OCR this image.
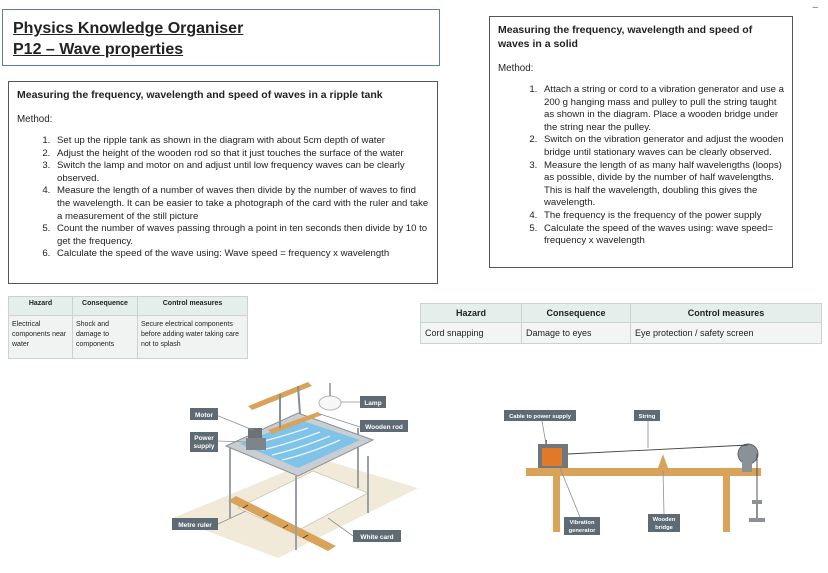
–
Physics Knowledge Organiser
P12 – Wave properties
Measuring the frequency, wavelength and speed of waves in a ripple tank
Method:
1. Set up the ripple tank as shown in the diagram with about 5cm depth of water
2. Adjust the height of the wooden rod so that it just touches the surface of the water
3. Switch the lamp and motor on and adjust until low frequency waves can be clearly observed.
4. Measure the length of a number of waves then divide by the number of waves to find the wavelength. It can be easier to take a photograph of the card with the ruler and take a measurement of the still picture
5. Count the number of waves passing through a point in ten seconds then divide by 10 to get the frequency.
6. Calculate the speed of the wave using: Wave speed = frequency x wavelength
Measuring the frequency, wavelength and speed of waves in a solid
Method:
1. Attach a string or cord to a vibration generator and use a 200 g hanging mass and pulley to pull the string taught as shown in the diagram. Place a wooden bridge under the string near the pulley.
2. Switch on the vibration generator and adjust the wooden bridge until stationary waves can be clearly observed.
3. Measure the length of as many half wavelengths (loops) as possible, divide by the number of half wavelengths. This is half the wavelength, doubling this gives the wavelength.
4. The frequency is the frequency of the power supply
5. Calculate the speed of the waves using: wave speed= frequency x wavelength
Hazard	Consequence	Control measures
Electrical components near water	Shock and damage to components	Secure electrical components before adding water taking care not to splash
Hazard	Consequence	Control measures
Cord snapping	Damage to eyes	Eye protection / safety screen
Motor
Power
supply
Lamp
Wooden rod
Metre ruler
White card
Cable to power supply	String
Vibration
generator
Wooden
bridge
